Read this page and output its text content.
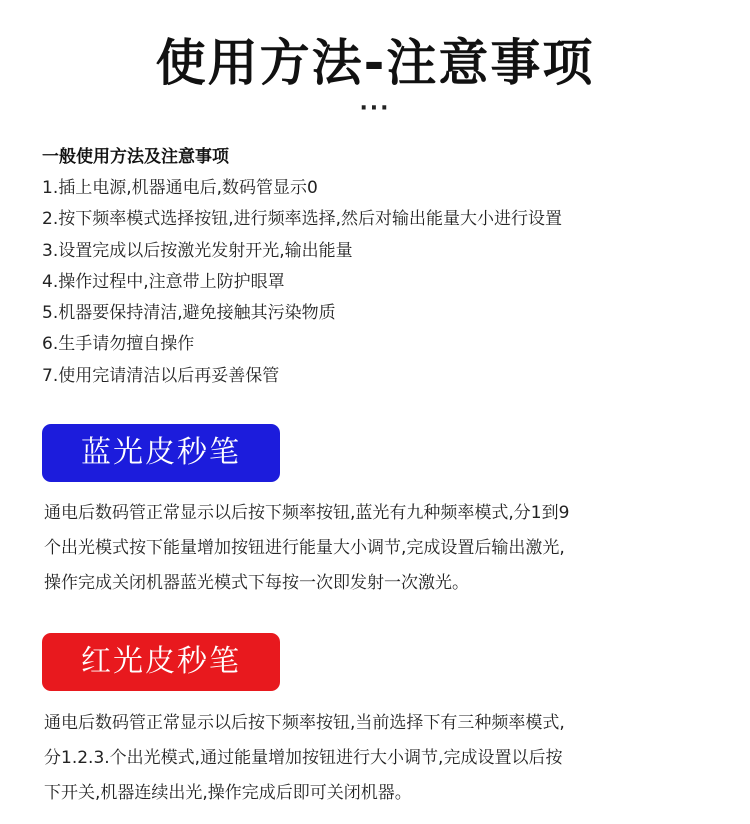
使用方法-注意事项
···
一般使用方法及注意事项
1.插上电源,机器通电后,数码管显示0
2.按下频率模式选择按钮,进行频率选择,然后对输出能量大小进行设置
3.设置完成以后按激光发射开光,输出能量
4.操作过程中,注意带上防护眼罩
5.机器要保持清洁,避免接触其污染物质
6.生手请勿擅自操作
7.使用完请清洁以后再妥善保管
蓝光皮秒笔
通电后数码管正常显示以后按下频率按钮,蓝光有九种频率模式,分1到9
个出光模式按下能量增加按钮进行能量大小调节,完成设置后输出激光,
操作完成关闭机器蓝光模式下每按一次即发射一次激光。
红光皮秒笔
通电后数码管正常显示以后按下频率按钮,当前选择下有三种频率模式,
分1.2.3.个出光模式,通过能量增加按钮进行大小调节,完成设置以后按
下开关,机器连续出光,操作完成后即可关闭机器。
